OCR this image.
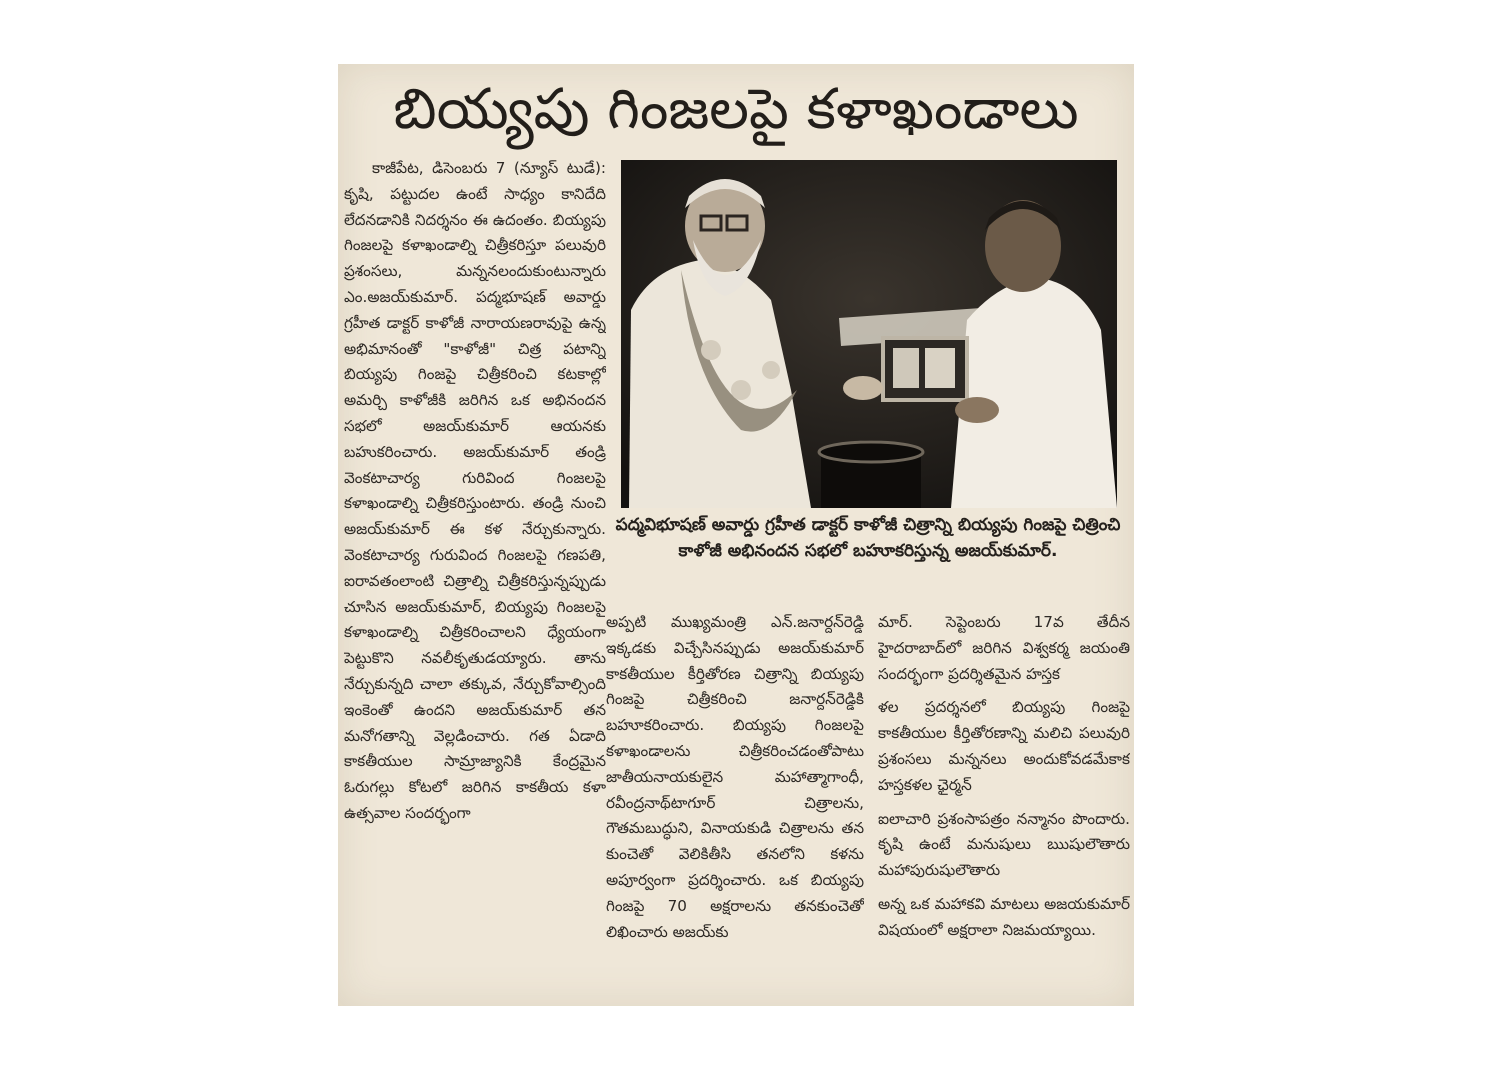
బియ్యపు గింజలపై కళాఖండాలు

కాజీపేట, డిసెంబరు 7 (న్యూస్ టుడే): కృషి, పట్టుదల ఉంటే సాధ్యం కానిదేది లేదనడానికి నిదర్శనం ఈ ఉదంతం. బియ్యపు గింజలపై కళాఖండాల్ని చిత్రీకరిస్తూ పలువురి ప్రశంసలు, మన్ననలందుకుంటున్నారు ఎం.అజయ్‌కుమార్. పద్మభూషణ్ అవార్డు గ్రహీత డాక్టర్ కాళోజీ నారాయణరావుపై ఉన్న అభిమానంతో "కాళోజీ" చిత్ర పటాన్ని బియ్యపు గింజపై చిత్రీకరించి కటకాల్లో అమర్చి కాళోజీకి జరిగిన ఒక అభినందన సభలో అజయ్‌కుమార్ ఆయనకు బహుకరించారు. అజయ్‌కుమార్ తండ్రి వెంకటాచార్య గురివింద గింజలపై కళాఖండాల్ని చిత్రీకరిస్తుంటారు. తండ్రి నుంచి అజయ్‌కుమార్ ఈ కళ నేర్చుకున్నారు. వెంకటాచార్య గురువింద గింజలపై గణపతి, ఐరావతంలాంటి చిత్రాల్ని చిత్రీకరిస్తున్నప్పుడు చూసిన అజయ్‌కుమార్, బియ్యపు గింజలపై కళాఖండాల్ని చిత్రీకరించాలని ధ్యేయంగా పెట్టుకొని నవలీకృతుడయ్యారు. తాను నేర్చుకున్నది చాలా తక్కువ, నేర్చుకోవాల్సింది ఇంకెంతో ఉందని అజయ్‌కుమార్ తన మనోగతాన్ని వెల్లడించారు. గత ఏడాది కాకతీయుల సామ్రాజ్యానికి కేంద్రమైన ఓరుగల్లు కోటలో జరిగిన కాకతీయ కళా ఉత్సవాల సందర్భంగా

పద్మవిభూషణ్ అవార్డు గ్రహీత డాక్టర్ కాళోజీ చిత్రాన్ని బియ్యపు గింజపై చిత్రించి కాళోజీ అభినందన సభలో బహూకరిస్తున్న అజయ్‌కుమార్.

అప్పటి ముఖ్యమంత్రి ఎన్.జనార్దన్‌రెడ్డి ఇక్కడకు విచ్చేసినప్పుడు అజయ్‌కుమార్ కాకతీయుల కీర్తితోరణ చిత్రాన్ని బియ్యపు గింజపై చిత్రీకరించి జనార్దన్‌రెడ్డికి బహూకరించారు. బియ్యపు గింజలపై కళాఖండాలను చిత్రీకరించడంతోపాటు జాతీయనాయకులైన మహాత్మాగాంధీ, రవీంద్రనాథ్‌టాగూర్ చిత్రాలను, గౌతమబుద్ధుని, వినాయకుడి చిత్రాలను తన కుంచెతో వెలికితీసి తనలోని కళను అపూర్వంగా ప్రదర్శించారు. ఒక బియ్యపు గింజపై 70 అక్షరాలను తనకుంచెతో లిఖించారు అజయ్‌కు

మార్. సెప్టెంబరు 17వ తేదీన హైదరాబాద్‌లో జరిగిన విశ్వకర్మ జయంతి సందర్భంగా ప్రదర్శితమైన హస్తక

ళల ప్రదర్శనలో బియ్యపు గింజపై కాకతీయుల కీర్తితోరణాన్ని మలిచి పలువురి ప్రశంసలు మన్ననలు అందుకోవడమేకాక హస్తకళల ఛైర్మన్

ఐలాచారి ప్రశంసాపత్రం నన్మానం పొందారు. కృషి ఉంటే మనుషులు ఋషులౌతారు మహాపురుషులౌతారు

అన్న ఒక మహాకవి మాటలు అజయకుమార్ విషయంలో అక్షరాలా నిజమయ్యాయి.
